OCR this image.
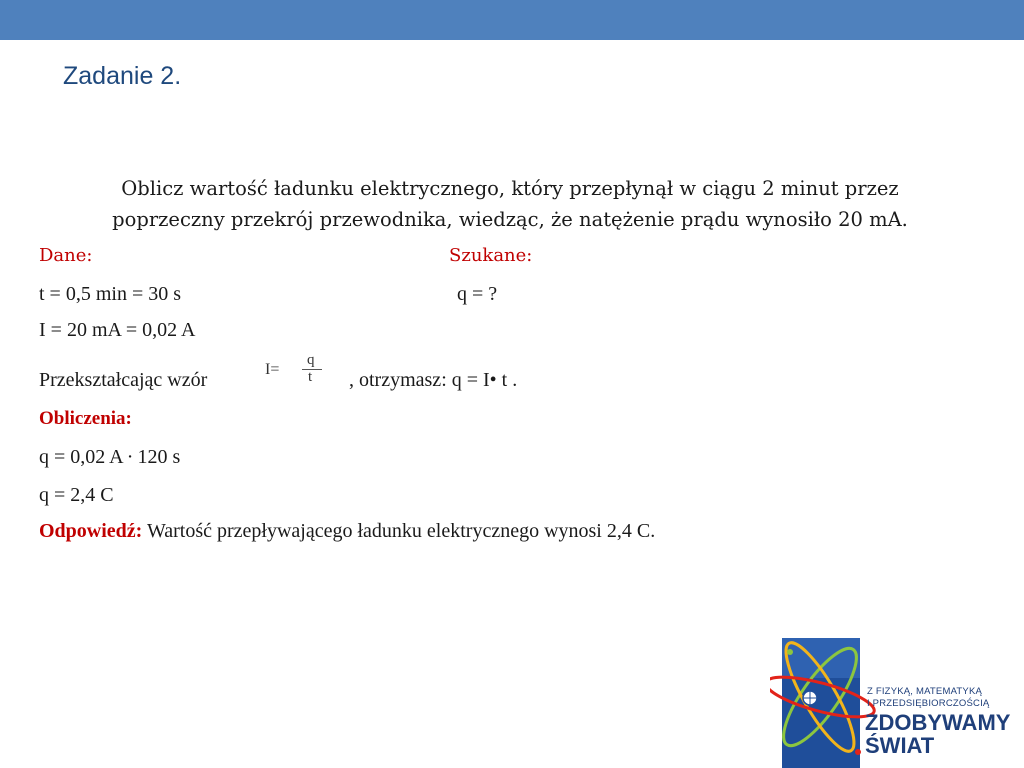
Zadanie 2.
Oblicz wartość ładunku elektrycznego, który przepłynął w ciągu 2 minut przez
poprzeczny przekrój przewodnika, wiedząc, że natężenie prądu wynosiło 20 mA.
Dane:	Szukane:
t = 0,5 min = 30 s	q = ?
I = 20 mA = 0,02 A
Przekształcając wzór	I=
q
t , otrzymasz: q = I• t .
Obliczenia:
q = 0,02 A ∙ 120 s
q = 2,4 C
Odpowiedź: Wartość przepływającego ładunku elektrycznego wynosi 2,4 C.
Z FIZYKĄ, MATEMATYKĄ
I PRZEDSIĘBIORCZOŚCIĄ
ZDOBYWAMY
ŚWIAT
